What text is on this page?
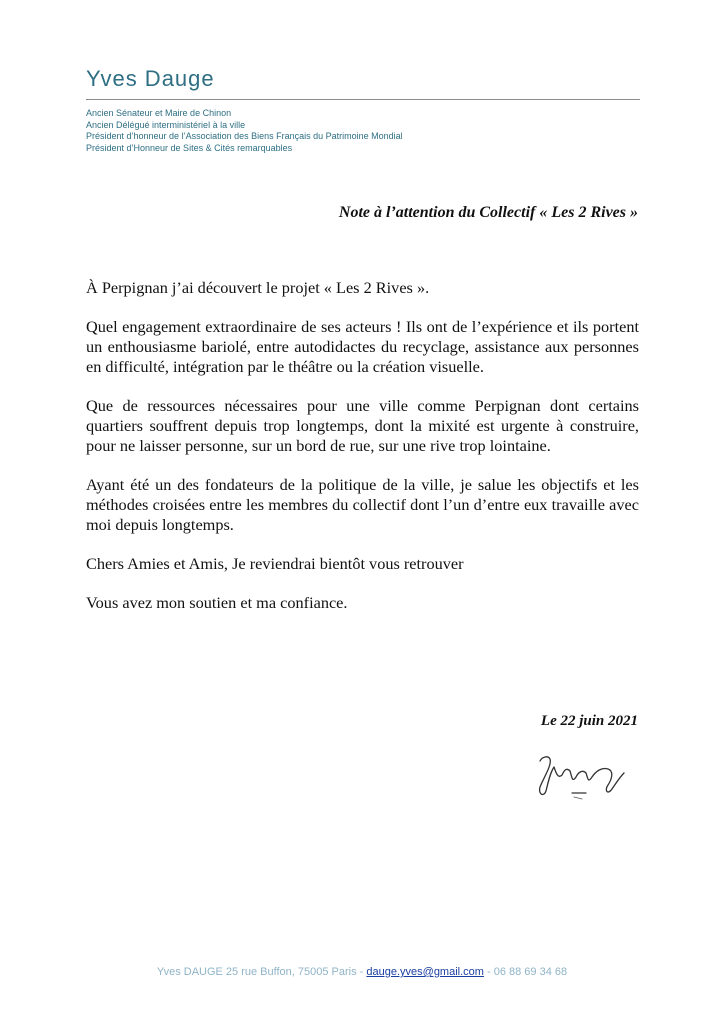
Yves Dauge
Ancien Sénateur et Maire de Chinon
Ancien Délégué interministériel à la ville
Président d’honneur de l’Association des Biens Français du Patrimoine Mondial
Président d’Honneur de Sites & Cités remarquables
Note à l’attention du Collectif « Les 2 Rives »

À Perpignan j’ai découvert le projet « Les 2 Rives ».

Quel engagement extraordinaire de ses acteurs ! Ils ont de l’expérience et ils portent un enthousiasme bariolé, entre autodidactes du recyclage, assistance aux personnes en difficulté, intégration par le théâtre ou la création visuelle.

Que de ressources nécessaires pour une ville comme Perpignan dont certains quartiers souffrent depuis trop longtemps, dont la mixité est urgente à construire, pour ne laisser personne, sur un bord de rue, sur une rive trop lointaine.

Ayant été un des fondateurs de la politique de la ville, je salue les objectifs et les méthodes croisées entre les membres du collectif dont l’un d’entre eux travaille avec moi depuis longtemps.

Chers Amies et Amis, Je reviendrai bientôt vous retrouver

Vous avez mon soutien et ma confiance.

Le 22 juin 2021
Yves DAUGE 25 rue Buffon, 75005 Paris - dauge.yves@gmail.com - 06 88 69 34 68
